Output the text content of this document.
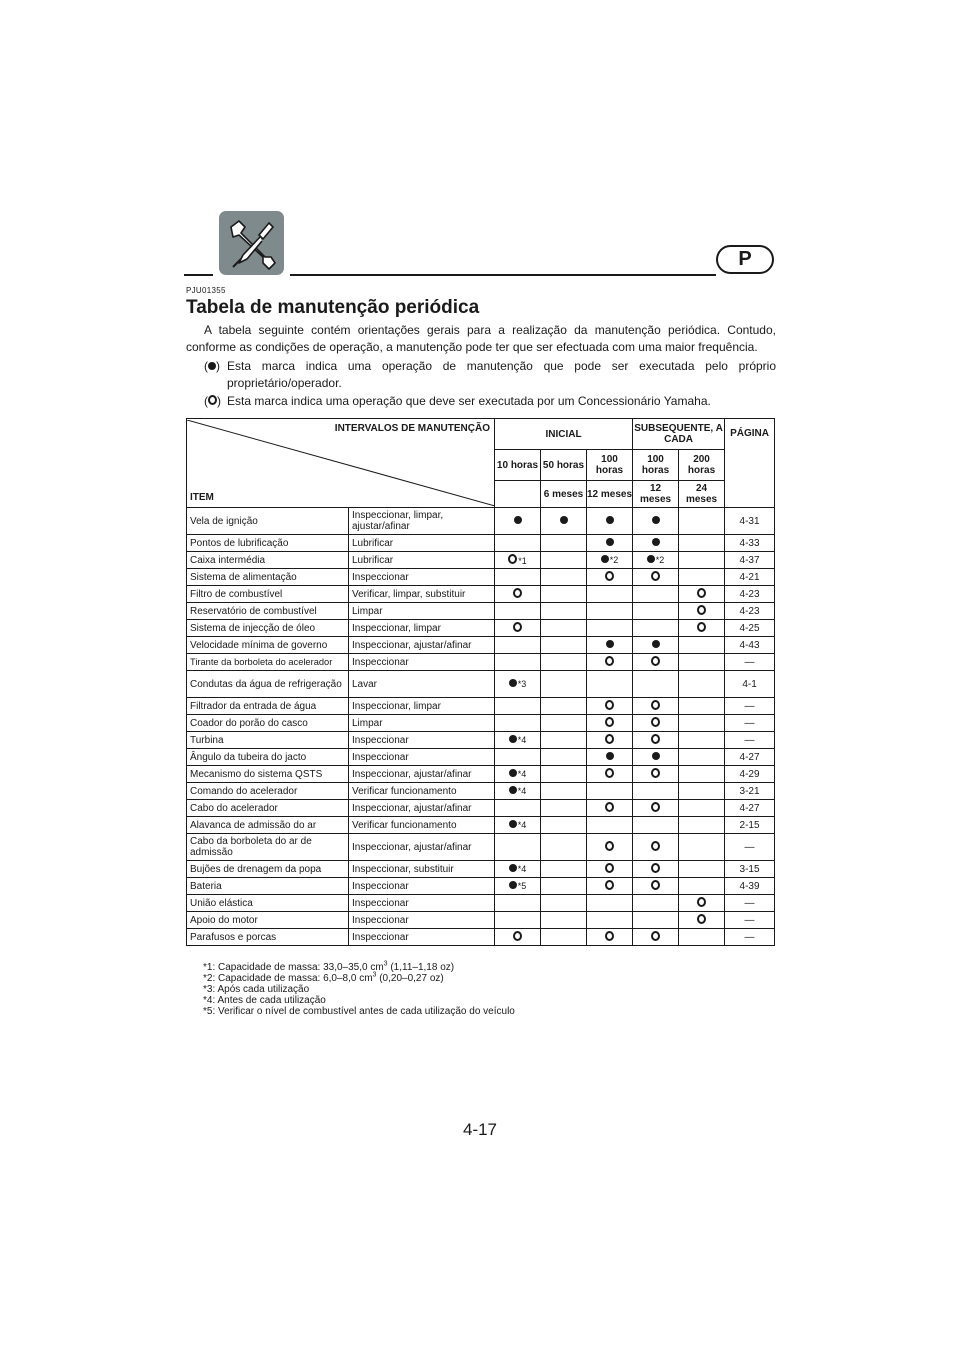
P
PJU01355
Tabela de manutenção periódica
A tabela seguinte contém orientações gerais para a realização da manutenção periódica. Contudo, conforme as condições de operação, a manutenção pode ter que ser efectuada com uma maior frequência.
( ) Esta marca indica uma operação de manutenção que pode ser executada pelo próprio proprietário/operador.
( ) Esta marca indica uma operação que deve ser executada por um Concessionário Yamaha.
INTERVALOS DE MANUTENÇÃO
ITEM		INICIAL			SUBSEQUENTE, A CADA		PÁGINA
		10 horas	50 horas	100 horas	100 horas	200 horas	
			6 meses	12 meses	12 meses	24 meses	
Vela de ignição	Inspeccionar, limpar, ajustar/afinar						4-31
Pontos de lubrificação	Lubrificar						4-33
Caixa intermédia	Lubrificar	*1		*2	*2		4-37
Sistema de alimentação	Inspeccionar						4-21
Filtro de combustível	Verificar, limpar, substituir						4-23
Reservatório de combustível	Limpar						4-23
Sistema de injecção de óleo	Inspeccionar, limpar						4-25
Velocidade mínima de governo	Inspeccionar, ajustar/afinar						4-43
Tirante da borboleta do acelerador	Inspeccionar						—
Condutas da água de refrigeração	Lavar	*3					4-1
Filtrador da entrada de água	Inspeccionar, limpar						—
Coador do porão do casco	Limpar						—
Turbina	Inspeccionar	*4					—
Ângulo da tubeira do jacto	Inspeccionar						4-27
Mecanismo do sistema QSTS	Inspeccionar, ajustar/afinar	*4					4-29
Comando do acelerador	Verificar funcionamento	*4					3-21
Cabo do acelerador	Inspeccionar, ajustar/afinar						4-27
Alavanca de admissão do ar	Verificar funcionamento	*4					2-15
Cabo da borboleta do ar de admissão	Inspeccionar, ajustar/afinar						—
Bujões de drenagem da popa	Inspeccionar, substituir	*4					3-15
Bateria	Inspeccionar	*5					4-39
União elástica	Inspeccionar						—
Apoio do motor	Inspeccionar						—
Parafusos e porcas	Inspeccionar						—
*1: Capacidade de massa: 33,0–35,0 $cm^3$ (1,11–1,18 oz)
*2: Capacidade de massa: 6,0–8,0 $cm^3$ (0,20–0,27 oz)
*3: Após cada utilização
*4: Antes de cada utilização
*5: Verificar o nível de combustível antes de cada utilização do veículo
4-17
